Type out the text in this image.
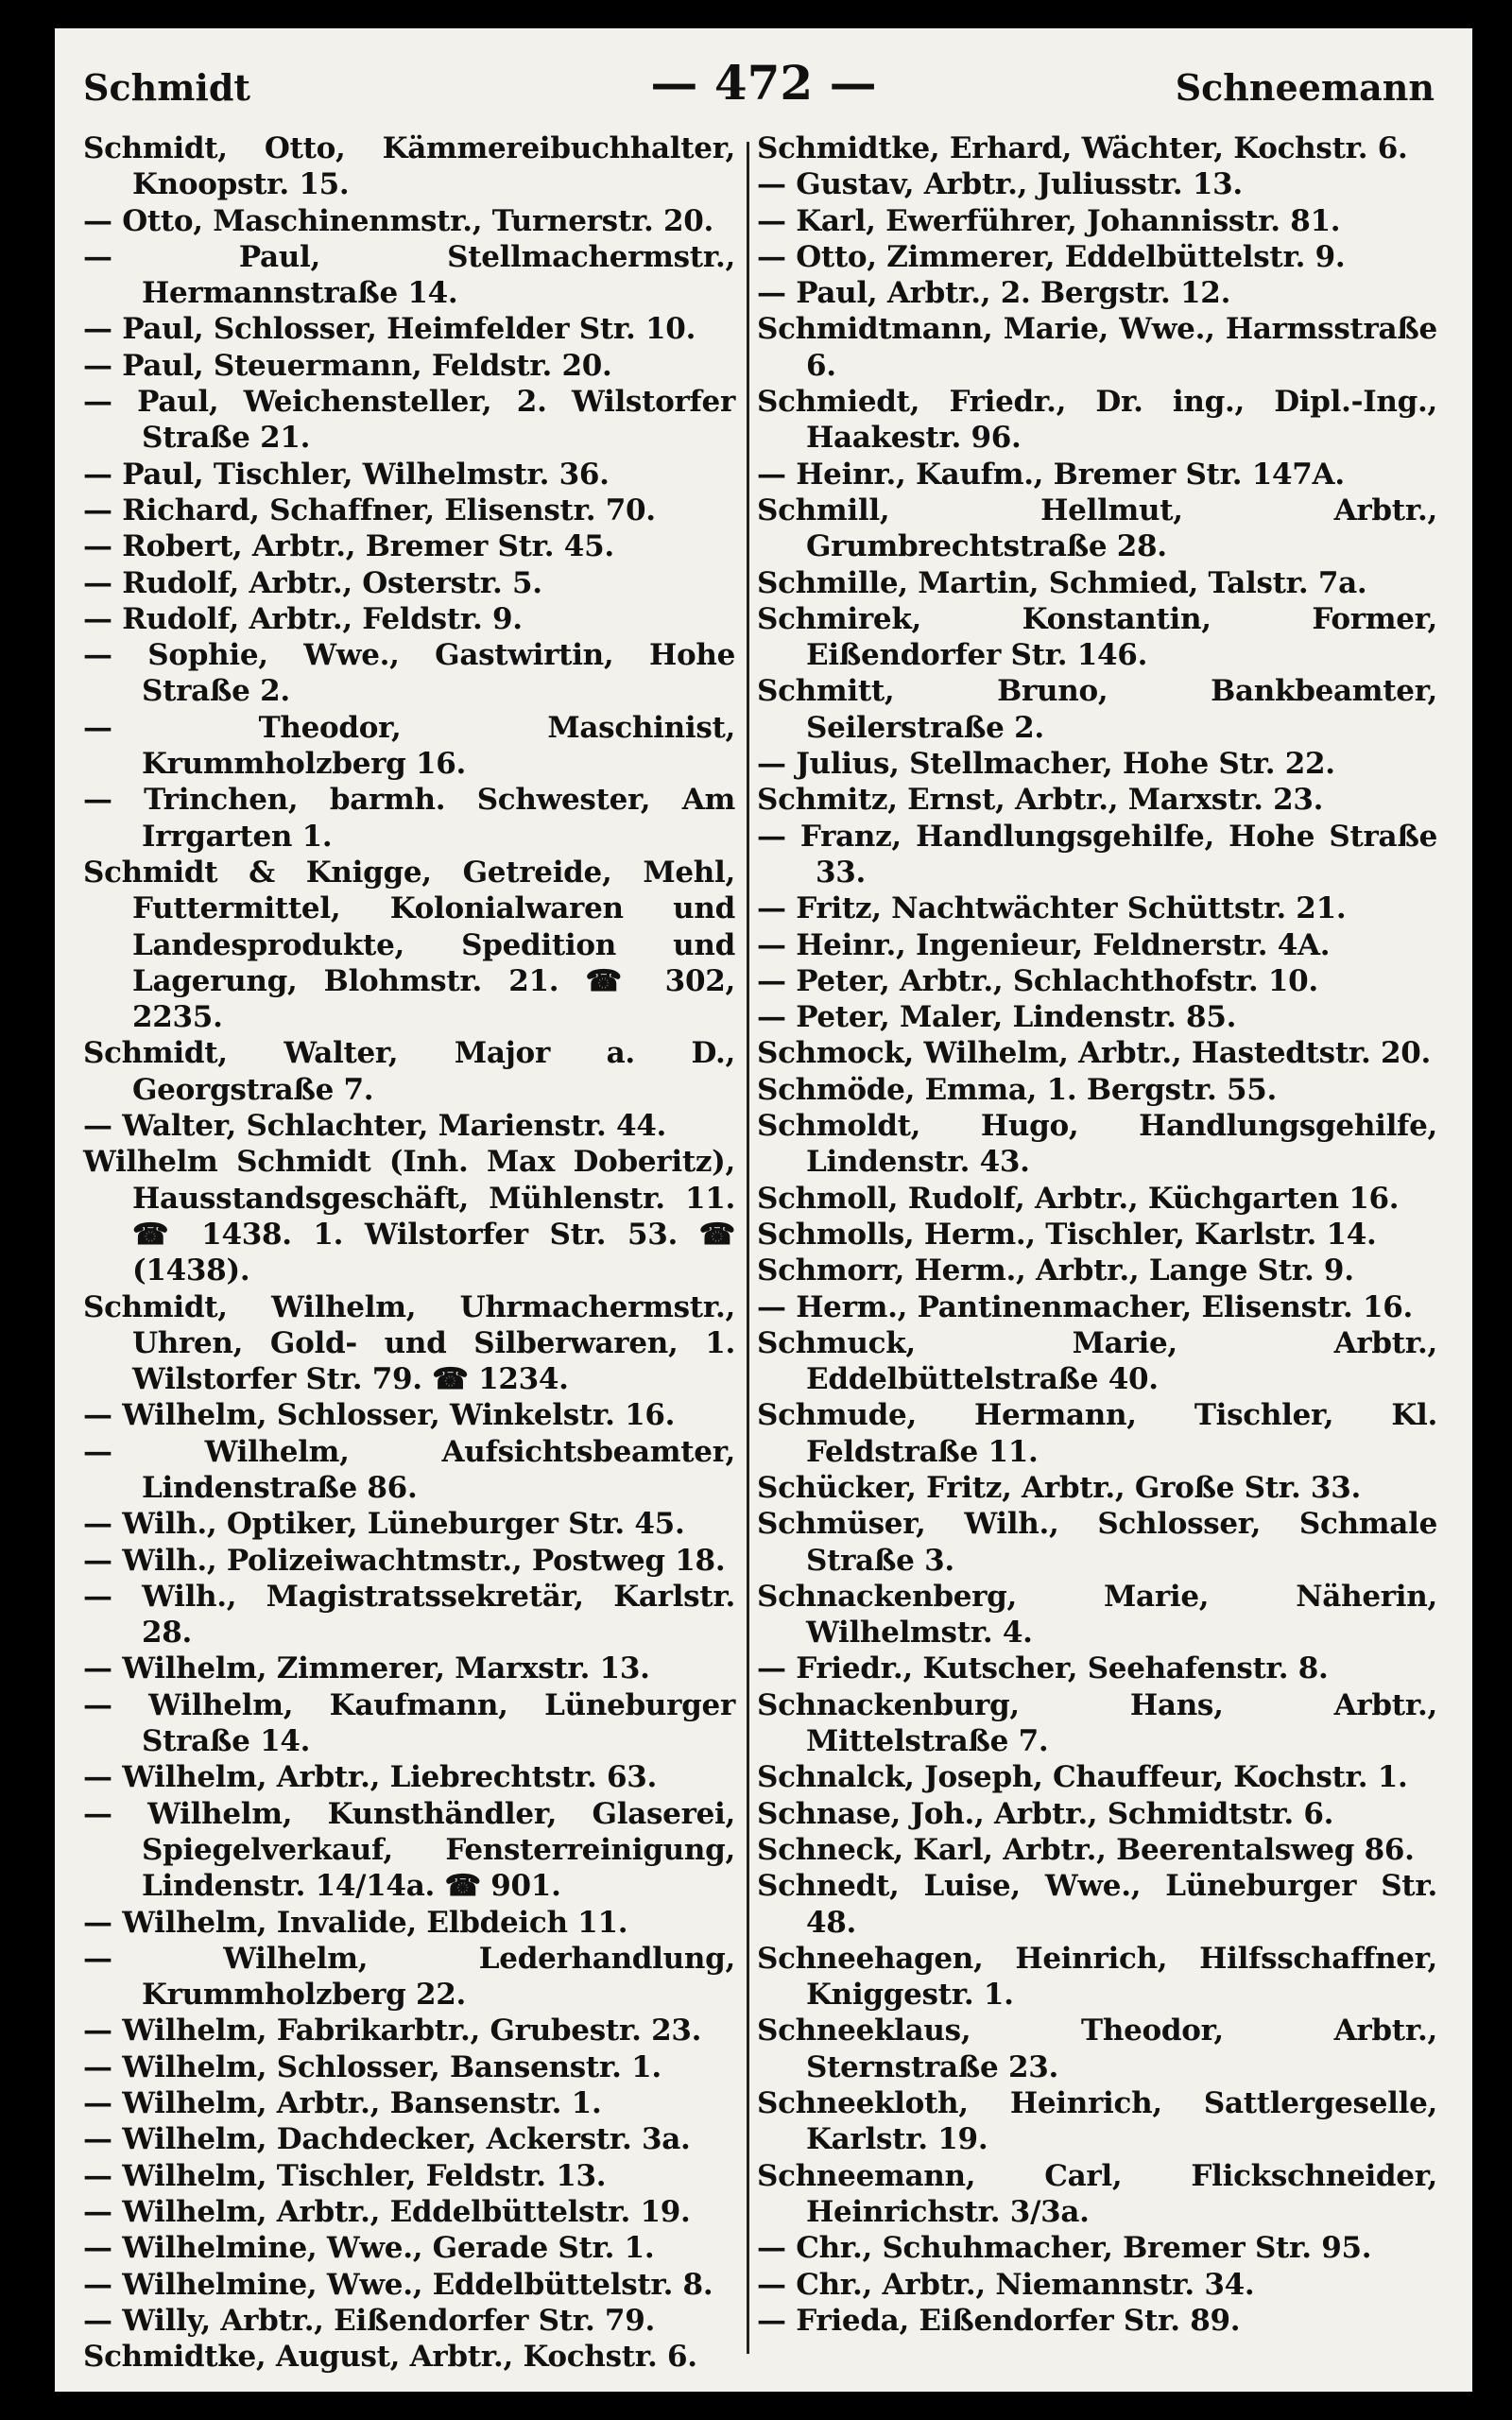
Schmidt	— 472 —	Schneemann

Schmidt, Otto, Kämmereibuchhalter, Knoopstr. 15.

— Otto, Maschinenmstr., Turnerstr. 20.

— Paul, Stellmachermstr., Hermannstraße 14.

— Paul, Schlosser, Heimfelder Str. 10.

— Paul, Steuermann, Feldstr. 20.

— Paul, Weichensteller, 2. Wilstorfer Straße 21.

— Paul, Tischler, Wilhelmstr. 36.

— Richard, Schaffner, Elisenstr. 70.

— Robert, Arbtr., Bremer Str. 45.

— Rudolf, Arbtr., Osterstr. 5.

— Rudolf, Arbtr., Feldstr. 9.

— Sophie, Wwe., Gastwirtin, Hohe Straße 2.

— Theodor, Maschinist, Krummholzberg 16.

— Trinchen, barmh. Schwester, Am Irrgarten 1.

Schmidt & Knigge, Getreide, Mehl, Futtermittel, Kolonialwaren und Landesprodukte, Spedition und Lagerung, Blohmstr. 21. ☎ 302, 2235.

Schmidt, Walter, Major a. D., Georgstraße 7.

— Walter, Schlachter, Marienstr. 44.

Wilhelm Schmidt (Inh. Max Doberitz), Hausstandsgeschäft, Mühlenstr. 11. ☎ 1438. 1. Wilstorfer Str. 53. ☎ (1438).

Schmidt, Wilhelm, Uhrmachermstr., Uhren, Gold- und Silberwaren, 1. Wilstorfer Str. 79. ☎ 1234.

— Wilhelm, Schlosser, Winkelstr. 16.

— Wilhelm, Aufsichtsbeamter, Lindenstraße 86.

— Wilh., Optiker, Lüneburger Str. 45.

— Wilh., Polizeiwachtmstr., Postweg 18.

— Wilh., Magistratssekretär, Karlstr. 28.

— Wilhelm, Zimmerer, Marxstr. 13.

— Wilhelm, Kaufmann, Lüneburger Straße 14.

— Wilhelm, Arbtr., Liebrechtstr. 63.

— Wilhelm, Kunsthändler, Glaserei, Spiegelverkauf, Fensterreinigung, Lindenstr. 14/14a. ☎ 901.

— Wilhelm, Invalide, Elbdeich 11.

— Wilhelm, Lederhandlung, Krummholzberg 22.

— Wilhelm, Fabrikarbtr., Grubestr. 23.

— Wilhelm, Schlosser, Bansenstr. 1.

— Wilhelm, Arbtr., Bansenstr. 1.

— Wilhelm, Dachdecker, Ackerstr. 3a.

— Wilhelm, Tischler, Feldstr. 13.

— Wilhelm, Arbtr., Eddelbüttelstr. 19.

— Wilhelmine, Wwe., Gerade Str. 1.

— Wilhelmine, Wwe., Eddelbüttelstr. 8.

— Willy, Arbtr., Eißendorfer Str. 79.

Schmidtke, August, Arbtr., Kochstr. 6.

Schmidtke, Erhard, Wächter, Kochstr. 6.

— Gustav, Arbtr., Juliusstr. 13.

— Karl, Ewerführer, Johannisstr. 81.

— Otto, Zimmerer, Eddelbüttelstr. 9.

— Paul, Arbtr., 2. Bergstr. 12.

Schmidtmann, Marie, Wwe., Harmsstraße 6.

Schmiedt, Friedr., Dr. ing., Dipl.-Ing., Haakestr. 96.

— Heinr., Kaufm., Bremer Str. 147A.

Schmill, Hellmut, Arbtr., Grumbrechtstraße 28.

Schmille, Martin, Schmied, Talstr. 7a.

Schmirek, Konstantin, Former, Eißendorfer Str. 146.

Schmitt, Bruno, Bankbeamter, Seilerstraße 2.

— Julius, Stellmacher, Hohe Str. 22.

Schmitz, Ernst, Arbtr., Marxstr. 23.

— Franz, Handlungsgehilfe, Hohe Straße 33.

— Fritz, Nachtwächter Schüttstr. 21.

— Heinr., Ingenieur, Feldnerstr. 4A.

— Peter, Arbtr., Schlachthofstr. 10.

— Peter, Maler, Lindenstr. 85.

Schmock, Wilhelm, Arbtr., Hastedtstr. 20.

Schmöde, Emma, 1. Bergstr. 55.

Schmoldt, Hugo, Handlungsgehilfe, Lindenstr. 43.

Schmoll, Rudolf, Arbtr., Küchgarten 16.

Schmolls, Herm., Tischler, Karlstr. 14.

Schmorr, Herm., Arbtr., Lange Str. 9.

— Herm., Pantinenmacher, Elisenstr. 16.

Schmuck, Marie, Arbtr., Eddelbüttelstraße 40.

Schmude, Hermann, Tischler, Kl. Feldstraße 11.

Schücker, Fritz, Arbtr., Große Str. 33.

Schmüser, Wilh., Schlosser, Schmale Straße 3.

Schnackenberg, Marie, Näherin, Wilhelmstr. 4.

— Friedr., Kutscher, Seehafenstr. 8.

Schnackenburg, Hans, Arbtr., Mittelstraße 7.

Schnalck, Joseph, Chauffeur, Kochstr. 1.

Schnase, Joh., Arbtr., Schmidtstr. 6.

Schneck, Karl, Arbtr., Beerentalsweg 86.

Schnedt, Luise, Wwe., Lüneburger Str. 48.

Schneehagen, Heinrich, Hilfsschaffner, Kniggestr. 1.

Schneeklaus, Theodor, Arbtr., Sternstraße 23.

Schneekloth, Heinrich, Sattlergeselle, Karlstr. 19.

Schneemann, Carl, Flickschneider, Heinrichstr. 3/3a.

— Chr., Schuhmacher, Bremer Str. 95.

— Chr., Arbtr., Niemannstr. 34.

— Frieda, Eißendorfer Str. 89.
